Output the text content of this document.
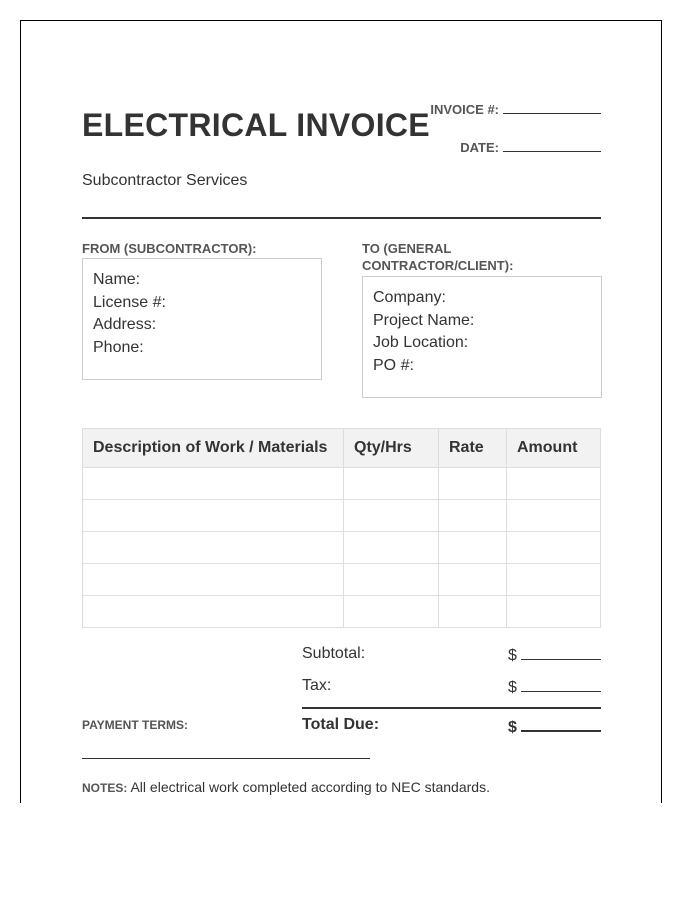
ELECTRICAL INVOICE INVOICE #:
DATE:
Subcontractor Services
FROM (SUBCONTRACTOR):
Name:
License #:
Address:
Phone:
TO (GENERAL
CONTRACTOR/CLIENT):
Company:
Project Name:
Job Location:
PO #:
Description of Work / Materials	Qty/Hrs	Rate	Amount

Subtotal:	$
Tax:	$
Total Due:	$
PAYMENT TERMS:
NOTES: All electrical work completed according to NEC standards.
